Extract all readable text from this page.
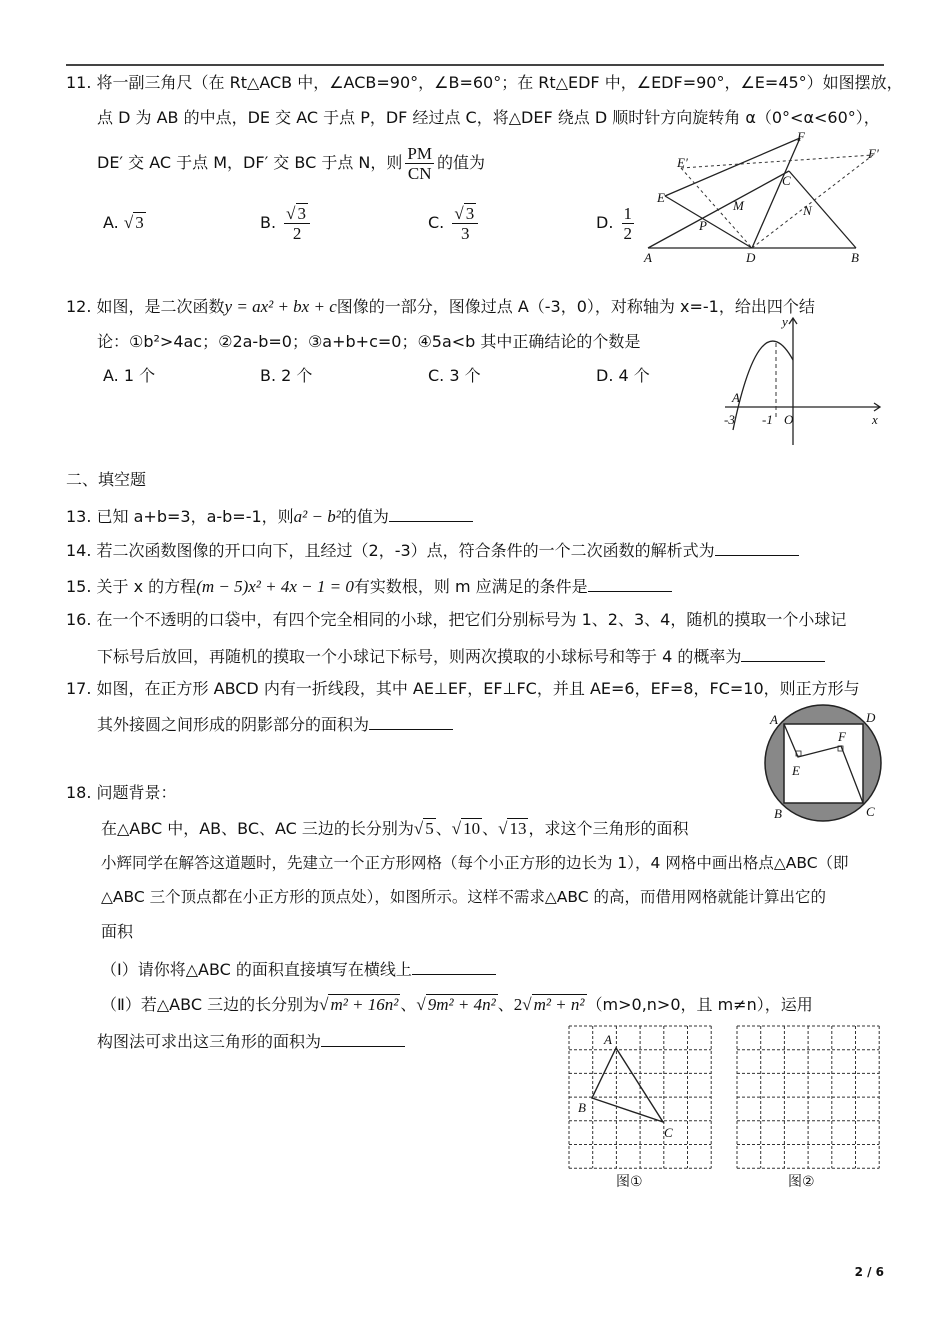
11. 将一副三角尺（在 Rt△ACB 中，∠ACB=90°，∠B=60°；在 Rt△EDF 中，∠EDF=90°，∠E=45°）如图摆放，
点 D 为 AB 的中点，DE 交 AC 于点 P，DF 经过点 C，将△DEF 绕点 D 顺时针方向旋转角 α（0°<α<60°），
DE′ 交 AC 于点 M，DF′ 交 BC 于点 N，则 $\frac{PM}{CN}$ 的值为
A. √ 3	B. $\frac{√ 3}{2}$	C. $\frac{√ 3}{3}$	D. $\frac{1}{2}$
A	D	B
C
E
F
E′
F′
P
M	N
12. 如图，是二次函数y = ax² + bx + c图像的一部分，图像过点 A（-3，0），对称轴为 x=-1，给出四个结
论：①b²>4ac；②2a-b=0；③a+b+c=0；④5a<b 其中正确结论的个数是
A. 1 个	B. 2 个	C. 3 个	D. 4 个
y
x
A
-3 -1 O
二、填空题
13. 已知 a+b=3，a-b=-1，则a² − b²的值为
14. 若二次函数图像的开口向下，且经过（2，-3）点，符合条件的一个二次函数的解析式为
15. 关于 x 的方程(m − 5)x² + 4x − 1 = 0有实数根，则 m 应满足的条件是
16. 在一个不透明的口袋中，有四个完全相同的小球，把它们分别标号为 1、2、3、4，随机的摸取一个小球记
下标号后放回，再随机的摸取一个小球记下标号，则两次摸取的小球标号和等于 4 的概率为
17. 如图，在正方形 ABCD 内有一折线段，其中 AE⊥EF，EF⊥FC，并且 AE=6，EF=8，FC=10，则正方形与
其外接圆之间形成的阴影部分的面积为	A	D
B	C
E
F
18. 问题背景：
在△ABC 中，AB、BC、AC 三边的长分别为√ 5 、√ 10 、√ 13 ，求这个三角形的面积
小辉同学在解答这道题时，先建立一个正方形网格（每个小正方形的边长为 1），4 网格中画出格点△ABC（即
△ABC 三个顶点都在小正方形的顶点处），如图所示。这样不需求△ABC 的高，而借用网格就能计算出它的
面积
（Ⅰ）请你将△ABC 的面积直接填写在横线上
（Ⅱ）若△ABC 三边的长分别为√ m² + 16n² 、√ 9m² + 4n² 、2√ m² + n² （m>0,n>0，且 m≠n），运用
构图法可求出这三角形的面积为	A
B
C
图①	图②
2 / 6
